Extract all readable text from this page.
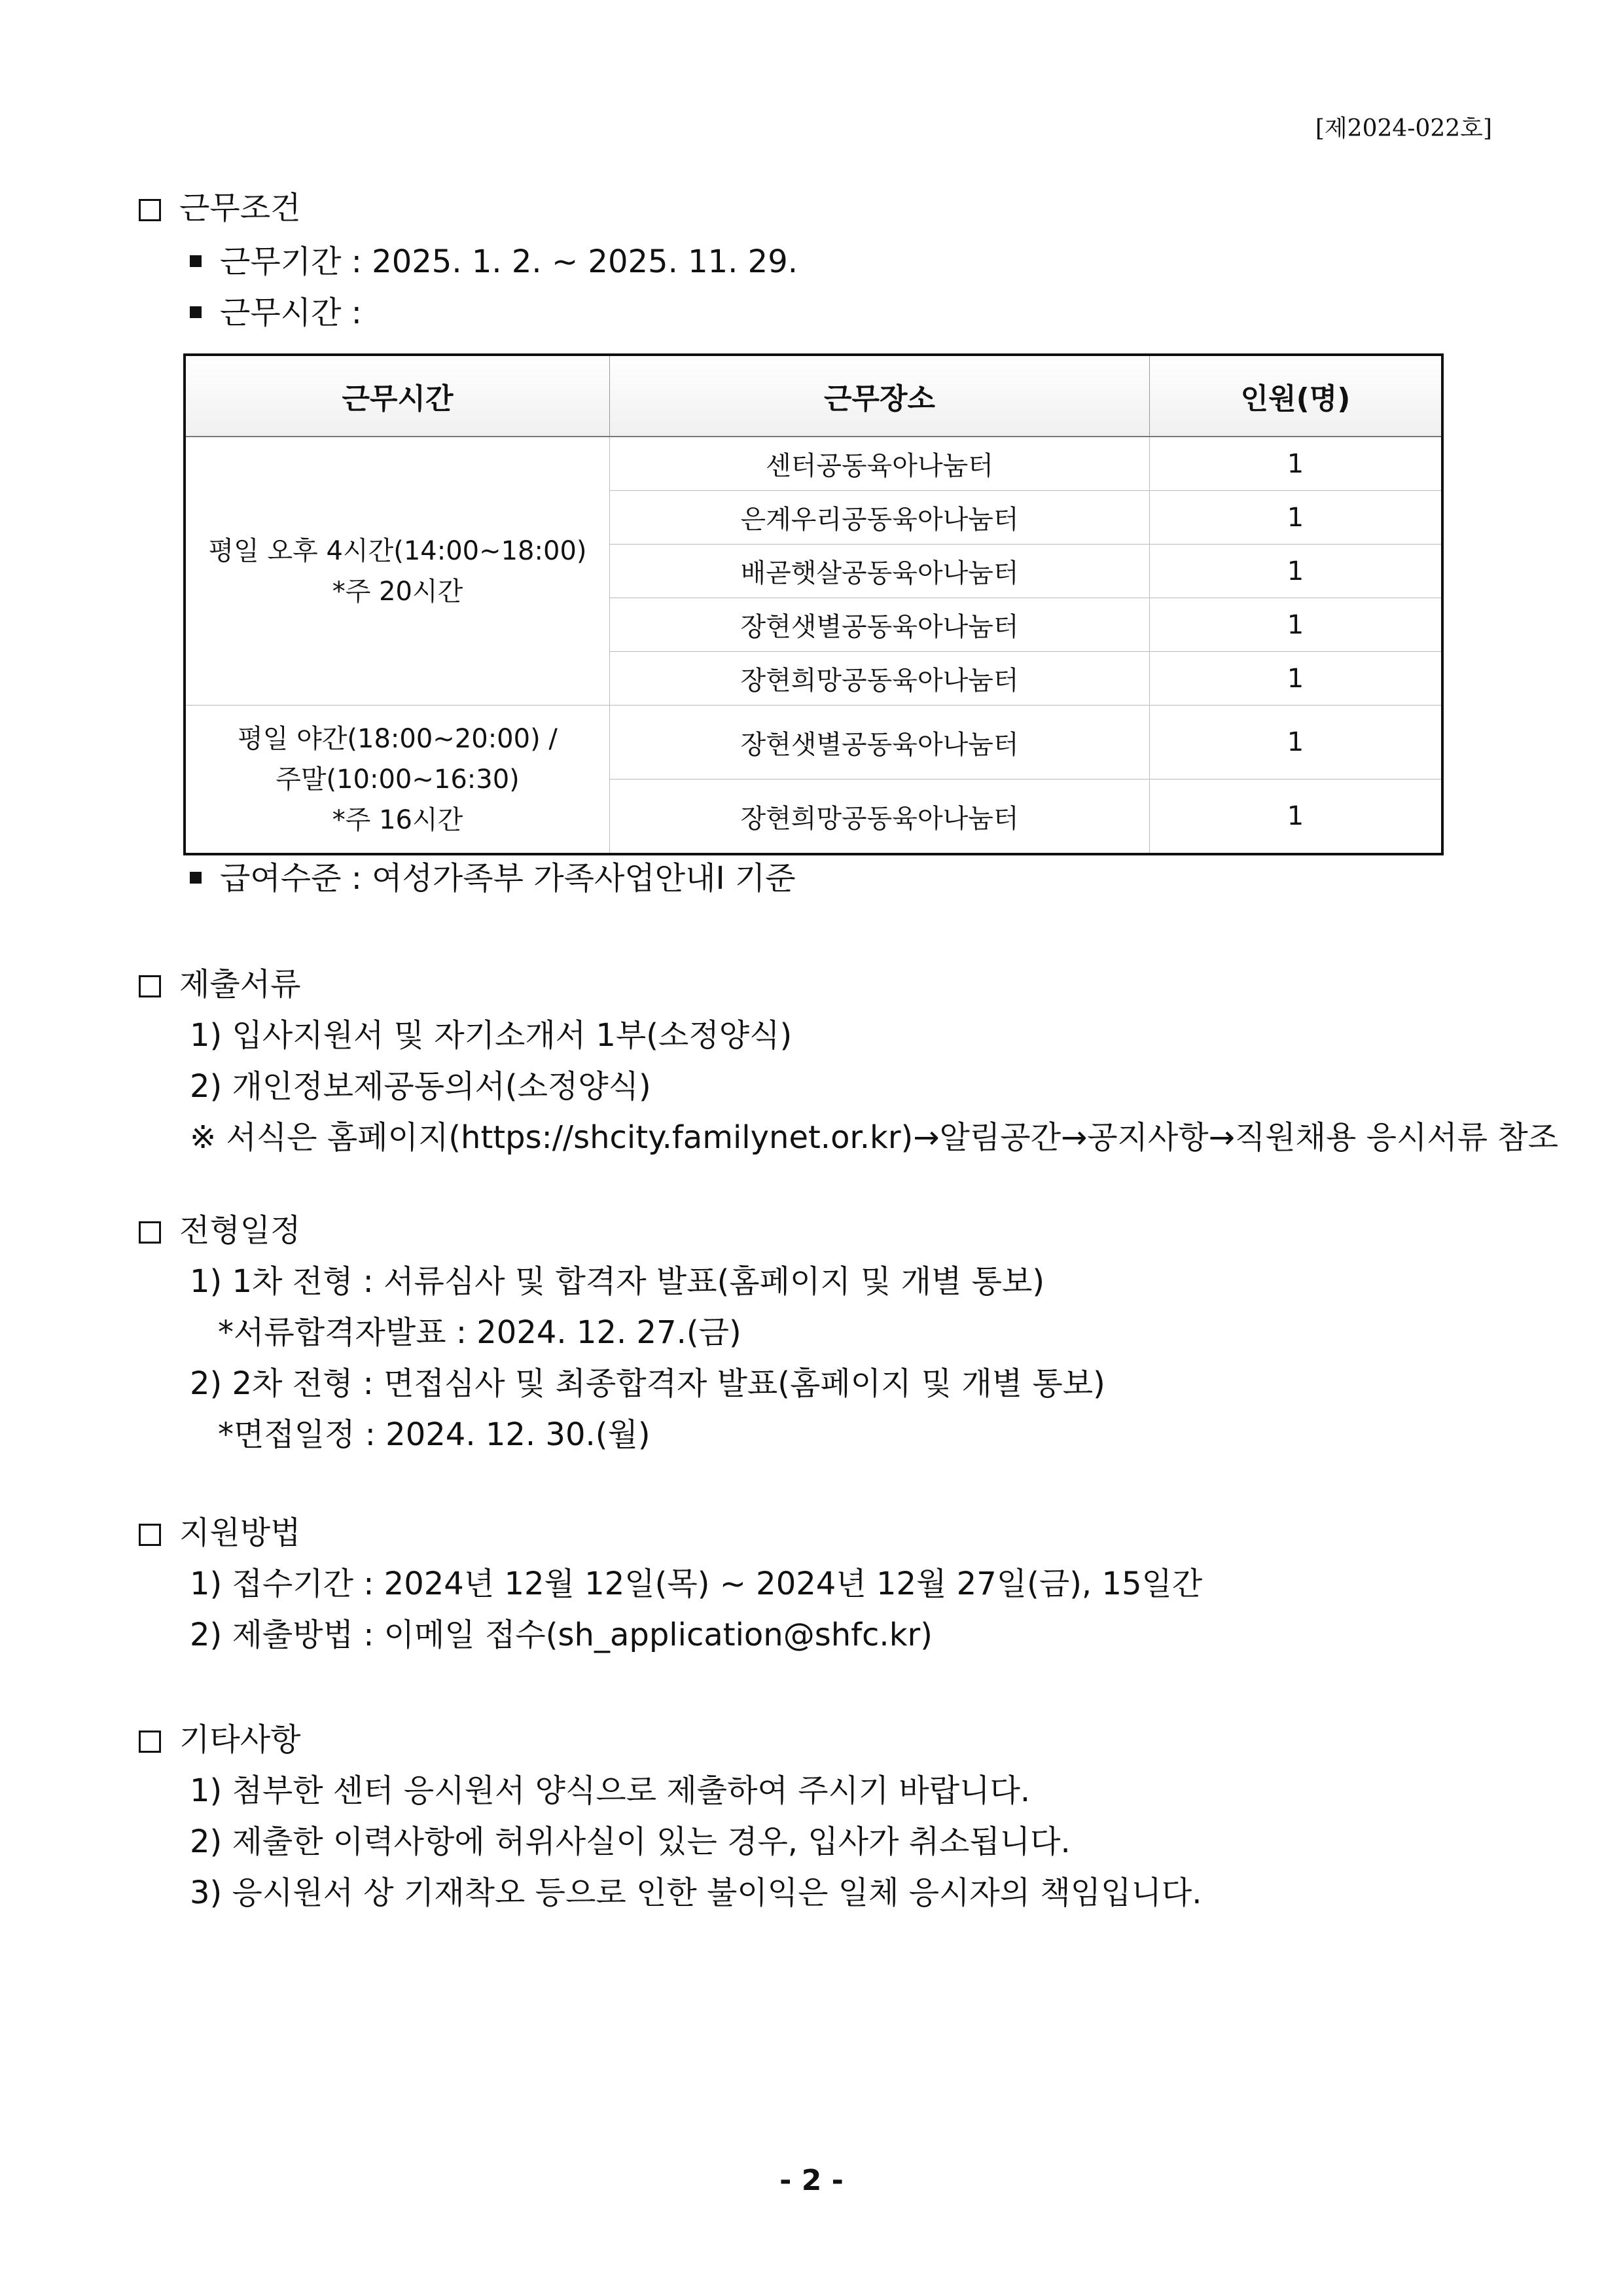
[제2024-022호]
근무조건
근무기간 : 2025. 1. 2. ~ 2025. 11. 29.
근무시간 :
근무시간	근무장소	인원(명)

평일 오후 4시간(14:00~18:00)
*주 20시간	센터공동육아나눔터	1
	은계우리공동육아나눔터	1
	배곧햇살공동육아나눔터	1
	장현샛별공동육아나눔터	1
	장현희망공동육아나눔터	1

평일 야간(18:00~20:00) /
주말(10:00~16:30)
*주 16시간	장현샛별공동육아나눔터	1
	장현희망공동육아나눔터	1
급여수준 : 여성가족부 가족사업안내Ⅰ 기준
제출서류
1) 입사지원서 및 자기소개서 1부(소정양식)
2) 개인정보제공동의서(소정양식)
※ 서식은 홈페이지(https://shcity.familynet.or.kr)→알림공간→공지사항→직원채용 응시서류 참조
전형일정
1) 1차 전형 : 서류심사 및 합격자 발표(홈페이지 및 개별 통보)
*서류합격자발표 : 2024. 12. 27.(금)
2) 2차 전형 : 면접심사 및 최종합격자 발표(홈페이지 및 개별 통보)
*면접일정 : 2024. 12. 30.(월)
지원방법
1) 접수기간 : 2024년 12월 12일(목) ~ 2024년 12월 27일(금), 15일간
2) 제출방법 : 이메일 접수(sh_application@shfc.kr)
기타사항
1) 첨부한 센터 응시원서 양식으로 제출하여 주시기 바랍니다.
2) 제출한 이력사항에 허위사실이 있는 경우, 입사가 취소됩니다.
3) 응시원서 상 기재착오 등으로 인한 불이익은 일체 응시자의 책임입니다.
- 2 -
